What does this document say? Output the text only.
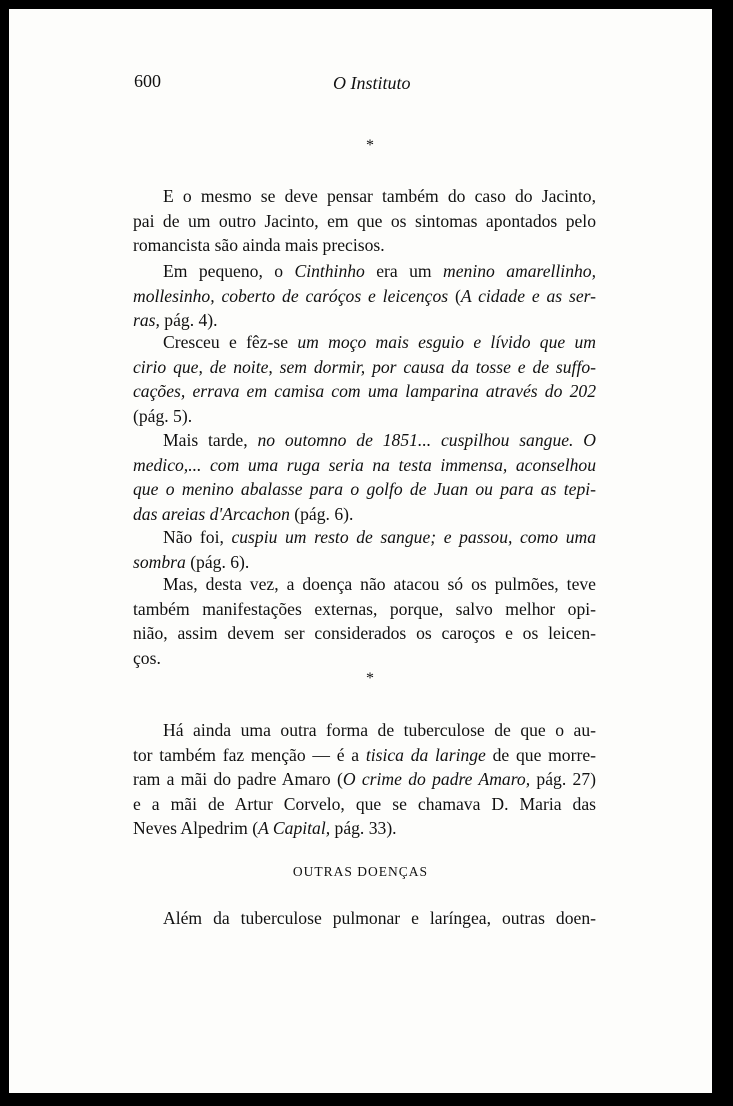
600	O Instituto
*

E o mesmo se deve pensar também do caso do Jacinto,
pai de um outro Jacinto, em que os sintomas apontados pelo
romancista são ainda mais precisos.

Em pequeno, o Cinthinho era um menino amarellinho,
mollesinho, coberto de caróços e leicenços (A cidade e as ser-
ras, pág. 4).

Cresceu e fêz-se um moço mais esguio e lívido que um
cirio que, de noite, sem dormir, por causa da tosse e de suffo-
cações, errava em camisa com uma lamparina através do 202
(pág. 5).

Mais tarde, no outomno de 1851... cuspilhou sangue. O
medico,... com uma ruga seria na testa immensa, aconselhou
que o menino abalasse para o golfo de Juan ou para as tepi-
das areias d'Arcachon (pág. 6).

Não foi, cuspiu um resto de sangue; e passou, como uma
sombra (pág. 6).

Mas, desta vez, a doença não atacou só os pulmões, teve
também manifestações externas, porque, salvo melhor opi-
nião, assim devem ser considerados os caroços e os leicen-
ços.

*

Há ainda uma outra forma de tuberculose de que o au-
tor também faz menção — é a tisica da laringe de que morre-
ram a mãi do padre Amaro (O crime do padre Amaro, pág. 27)
e a mãi de Artur Corvelo, que se chamava D. Maria das
Neves Alpedrim (A Capital, pág. 33).

OUTRAS DOENÇAS

Além da tuberculose pulmonar e laríngea, outras doen-
